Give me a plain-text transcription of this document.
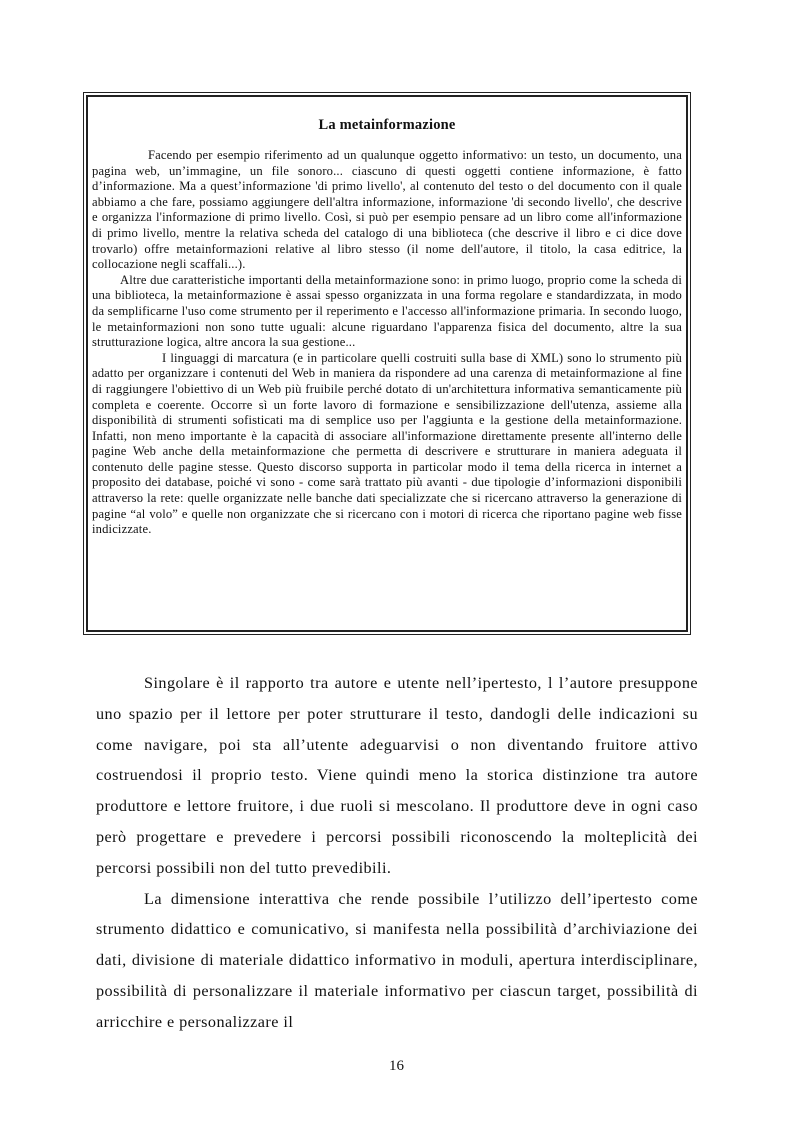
La metainformazione

Facendo per esempio riferimento ad un qualunque oggetto informativo: un testo, un documento, una pagina web, un’immagine, un file sonoro... ciascuno di questi oggetti contiene informazione, è fatto d’informazione. Ma a quest’informazione 'di primo livello', al contenuto del testo o del documento con il quale abbiamo a che fare, possiamo aggiungere dell'altra informazione, informazione 'di secondo livello', che descrive e organizza l'informazione di primo livello. Così, si può per esempio pensare ad un libro come all'informazione di primo livello, mentre la relativa scheda del catalogo di una biblioteca (che descrive il libro e ci dice dove trovarlo) offre metainformazioni relative al libro stesso (il nome dell'autore, il titolo, la casa editrice, la collocazione negli scaffali...).

Altre due caratteristiche importanti della metainformazione sono: in primo luogo, proprio come la scheda di una biblioteca, la metainformazione è assai spesso organizzata in una forma regolare e standardizzata, in modo da semplificarne l'uso come strumento per il reperimento e l'accesso all'informazione primaria. In secondo luogo, le metainformazioni non sono tutte uguali: alcune riguardano l'apparenza fisica del documento, altre la sua strutturazione logica, altre ancora la sua gestione...

I linguaggi di marcatura (e in particolare quelli costruiti sulla base di XML) sono lo strumento più adatto per organizzare i contenuti del Web in maniera da rispondere ad una carenza di metainformazione al fine di raggiungere l'obiettivo di un Web più fruibile perché dotato di un'architettura informativa semanticamente più completa e coerente. Occorre sì un forte lavoro di formazione e sensibilizzazione dell'utenza, assieme alla disponibilità di strumenti sofisticati ma di semplice uso per l'aggiunta e la gestione della metainformazione. Infatti, non meno importante è la capacità di associare all'informazione direttamente presente all'interno delle pagine Web anche della metainformazione che permetta di descrivere e strutturare in maniera adeguata il contenuto delle pagine stesse. Questo discorso supporta in particolar modo il tema della ricerca in internet a proposito dei database, poiché vi sono - come sarà trattato più avanti - due tipologie d’informazioni disponibili attraverso la rete: quelle organizzate nelle banche dati specializzate che si ricercano attraverso la generazione di pagine “al volo” e quelle non organizzate che si ricercano con i motori di ricerca che riportano pagine web fisse indicizzate.

Singolare è il rapporto tra autore e utente nell’ipertesto, l l’autore presuppone uno spazio per il lettore per poter strutturare il testo, dandogli delle indicazioni su come navigare, poi sta all’utente adeguarvisi o non diventando fruitore attivo costruendosi il proprio testo. Viene quindi meno la storica distinzione tra autore produttore e lettore fruitore, i due ruoli si mescolano. Il produttore deve in ogni caso però progettare e prevedere i percorsi possibili riconoscendo la molteplicità dei percorsi possibili non del tutto prevedibili.

La dimensione interattiva che rende possibile l’utilizzo dell’ipertesto come strumento didattico e comunicativo, si manifesta nella possibilità d’archiviazione dei dati, divisione di materiale didattico informativo in moduli, apertura interdisciplinare, possibilità di personalizzare il materiale informativo per ciascun target, possibilità di arricchire e personalizzare il

16
